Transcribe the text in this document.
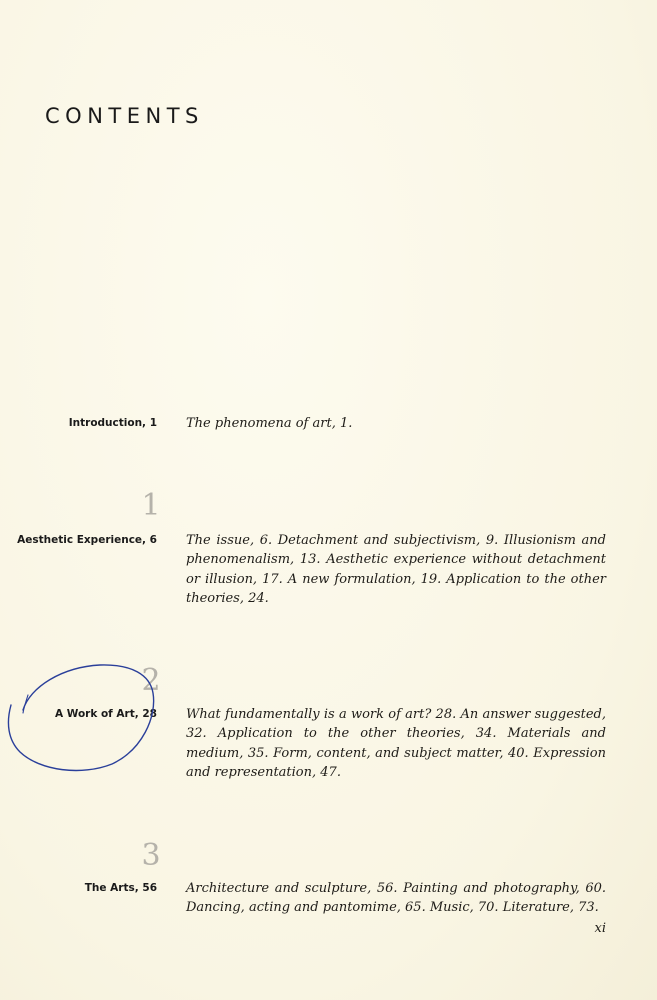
CONTENTS
Introduction, 1 The phenomena of art, 1.
1
Aesthetic Experience, 6 The issue, 6. Detachment and subjectivism, 9. Illusionism and phenomenalism, 13. Aesthetic experience without detachment or illusion, 17. A new formulation, 19. Application to the other theories, 24.
2
A Work of Art, 28 What fundamentally is a work of art? 28. An answer suggested, 32. Application to the other theories, 34. Materials and medium, 35. Form, content, and subject matter, 40. Expression and representation, 47.
3
The Arts, 56 Architecture and sculpture, 56. Painting and photography, 60. Dancing, acting and pantomime, 65. Music, 70. Literature, 73.
xi
